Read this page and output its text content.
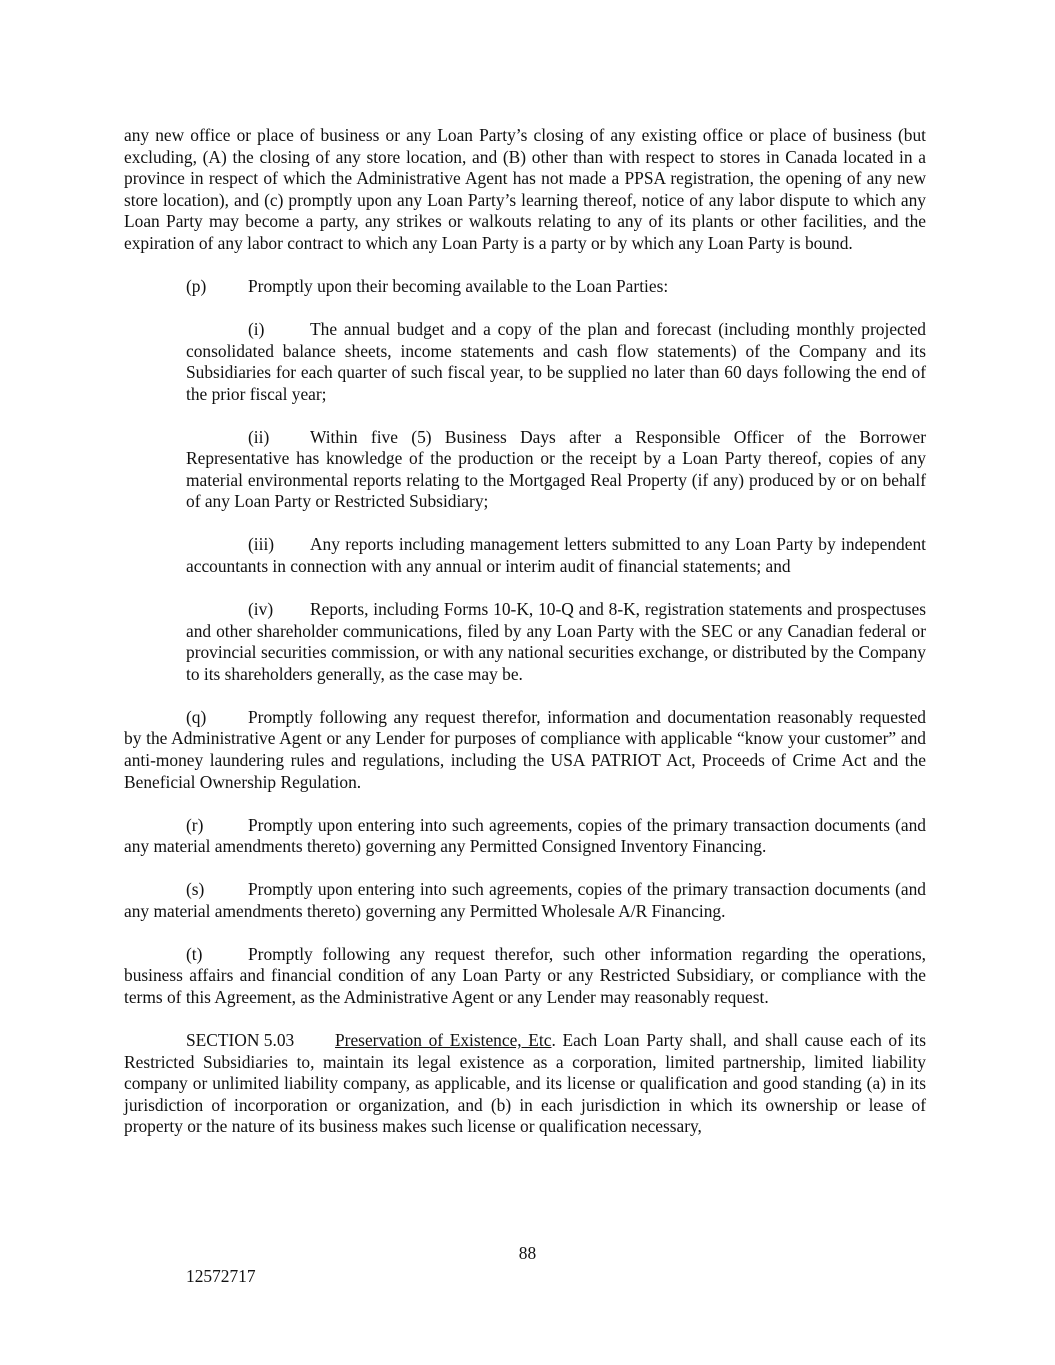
any new office or place of business or any Loan Party’s closing of any existing office or place of business (but excluding, (A) the closing of any store location, and (B) other than with respect to stores in Canada located in a province in respect of which the Administrative Agent has not made a PPSA registration, the opening of any new store location), and (c) promptly upon any Loan Party’s learning thereof, notice of any labor dispute to which any Loan Party may become a party, any strikes or walkouts relating to any of its plants or other facilities, and the expiration of any labor contract to which any Loan Party is a party or by which any Loan Party is bound.

(p) Promptly upon their becoming available to the Loan Parties:

(i)	The annual budget and a copy of the plan and forecast (including monthly projected consolidated balance sheets, income statements and cash flow statements) of the Company and its Subsidiaries for each quarter of such fiscal year, to be supplied no later than 60 days following the end of the prior fiscal year;

(ii) Within five (5) Business Days after a Responsible Officer of the Borrower Representative has knowledge of the production or the receipt by a Loan Party thereof, copies of any material environmental reports relating to the Mortgaged Real Property (if any) produced by or on behalf of any Loan Party or Restricted Subsidiary;

(iii) Any reports including management letters submitted to any Loan Party by independent accountants in connection with any annual or interim audit of financial statements; and

(iv) Reports, including Forms 10-K, 10-Q and 8-K, registration statements and prospectuses and other shareholder communications, filed by any Loan Party with the SEC or any Canadian federal or provincial securities commission, or with any national securities exchange, or distributed by the Company to its shareholders generally, as the case may be.

(q) Promptly following any request therefor, information and documentation reasonably requested by the Administrative Agent or any Lender for purposes of compliance with applicable “know your customer” and anti-money laundering rules and regulations, including the USA PATRIOT Act, Proceeds of Crime Act and the Beneficial Ownership Regulation.

(r)	Promptly upon entering into such agreements, copies of the primary transaction documents (and any material amendments thereto) governing any Permitted Consigned Inventory Financing.

(s)	Promptly upon entering into such agreements, copies of the primary transaction documents (and any material amendments thereto) governing any Permitted Wholesale A/R Financing.

(t)	Promptly following any request therefor, such other information regarding the operations, business affairs and financial condition of any Loan Party or any Restricted Subsidiary, or compliance with the terms of this Agreement, as the Administrative Agent or any Lender may reasonably request.

SECTION 5.03 Preservation of Existence, Etc. Each Loan Party shall, and shall cause each of its Restricted Subsidiaries to, maintain its legal existence as a corporation, limited partnership, limited liability company or unlimited liability company, as applicable, and its license or qualification and good standing (a) in its jurisdiction of incorporation or organization, and (b) in each jurisdiction in which its ownership or lease of property or the nature of its business makes such license or qualification necessary,

88
12572717
